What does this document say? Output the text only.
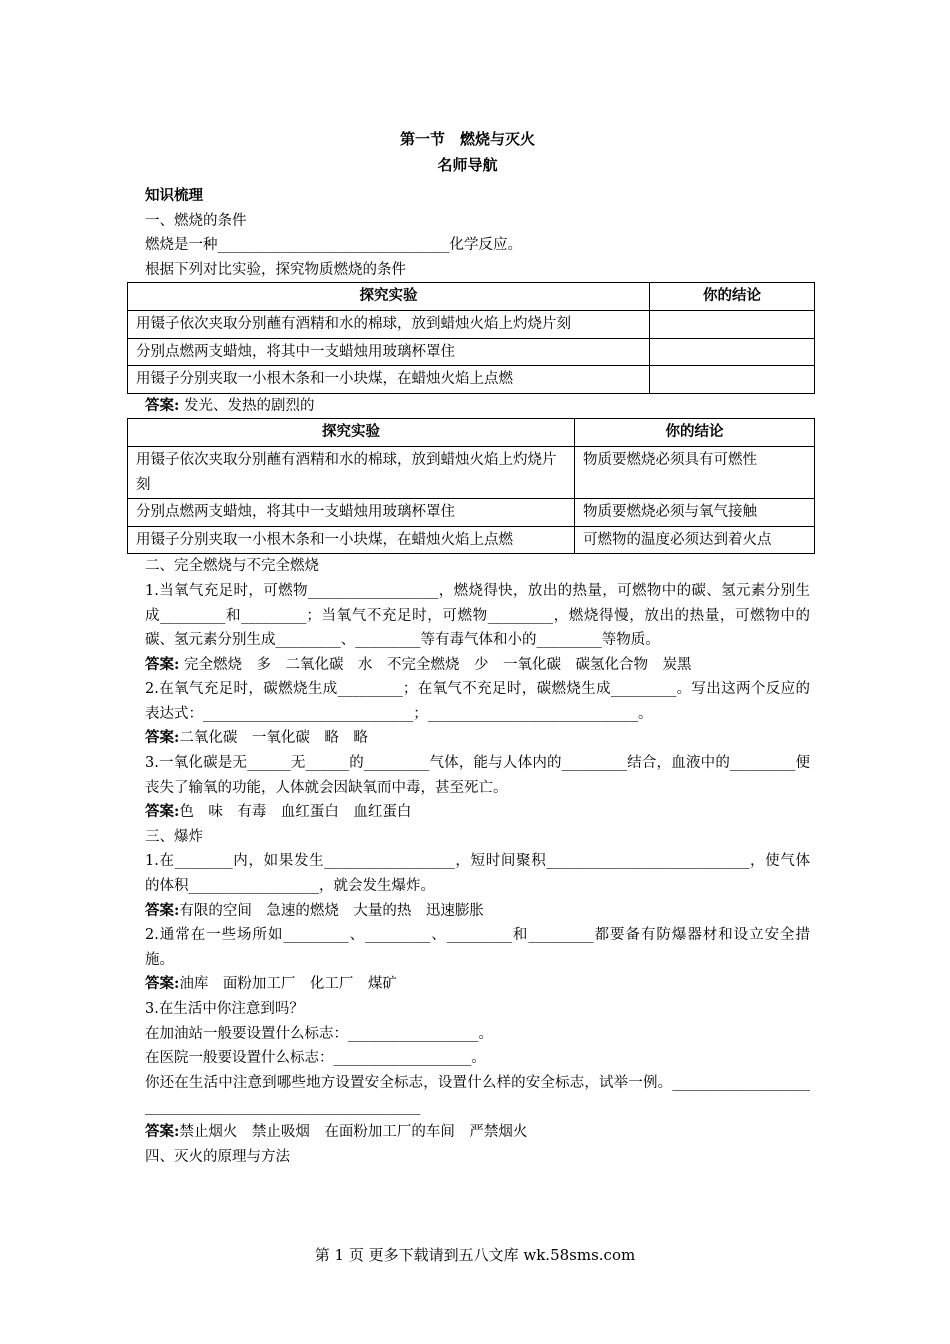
第一节　燃烧与灭火
名师导航
知识梳理
一、燃烧的条件
燃烧是一种________________________________化学反应。
根据下列对比实验，探究物质燃烧的条件
探究实验	你的结论
用镊子依次夹取分别蘸有酒精和水的棉球，放到蜡烛火焰上灼烧片刻	
分别点燃两支蜡烛，将其中一支蜡烛用玻璃杯罩住	
用镊子分别夹取一小根木条和一小块煤，在蜡烛火焰上点燃	
答案: 发光、发热的剧烈的
探究实验	你的结论
用镊子依次夹取分别蘸有酒精和水的棉球，放到蜡烛火焰上灼烧片刻	物质要燃烧必须具有可燃性
分别点燃两支蜡烛，将其中一支蜡烛用玻璃杯罩住	物质要燃烧必须与氧气接触
用镊子分别夹取一小根木条和一小块煤，在蜡烛火焰上点燃	可燃物的温度必须达到着火点
二、完全燃烧与不完全燃烧
1.当氧气充足时，可燃物__________________，燃烧得快，放出的热量，可燃物中的碳、氢元素分别生成_________和_________；当氧气不充足时，可燃物_________，燃烧得慢，放出的热量，可燃物中的碳、氢元素分别生成_________、_________等有毒气体和小的_________等物质。
答案: 完全燃烧　多　二氧化碳　水　不完全燃烧　少　一氧化碳　碳氢化合物　炭黑
2.在氧气充足时，碳燃烧生成_________；在氧气不充足时，碳燃烧生成_________。写出这两个反应的表达式：_____________________________；_____________________________。
答案:二氧化碳　一氧化碳　略　略
3.一氧化碳是无______无______的_________气体，能与人体内的_________结合，血液中的_________便丧失了输氧的功能，人体就会因缺氧而中毒，甚至死亡。
答案:色　味　有毒　血红蛋白　血红蛋白
三、爆炸
1.在________内，如果发生__________________，短时间聚积____________________________，使气体的体积__________________，就会发生爆炸。
答案:有限的空间　急速的燃烧　大量的热　迅速膨胀
2.通常在一些场所如_________、_________、_________和_________都要备有防爆器材和设立安全措施。
答案:油库　面粉加工厂　化工厂　煤矿
3.在生活中你注意到吗？
在加油站一般要设置什么标志：__________________。
在医院一般要设置什么标志：___________________。
你还在生活中注意到哪些地方设置安全标志，设置什么样的安全标志，试举一例。_________________________________________________________
答案:禁止烟火　禁止吸烟　在面粉加工厂的车间　严禁烟火
四、灭火的原理与方法
第 1 页 更多下载请到五八文库 wk.58sms.com
